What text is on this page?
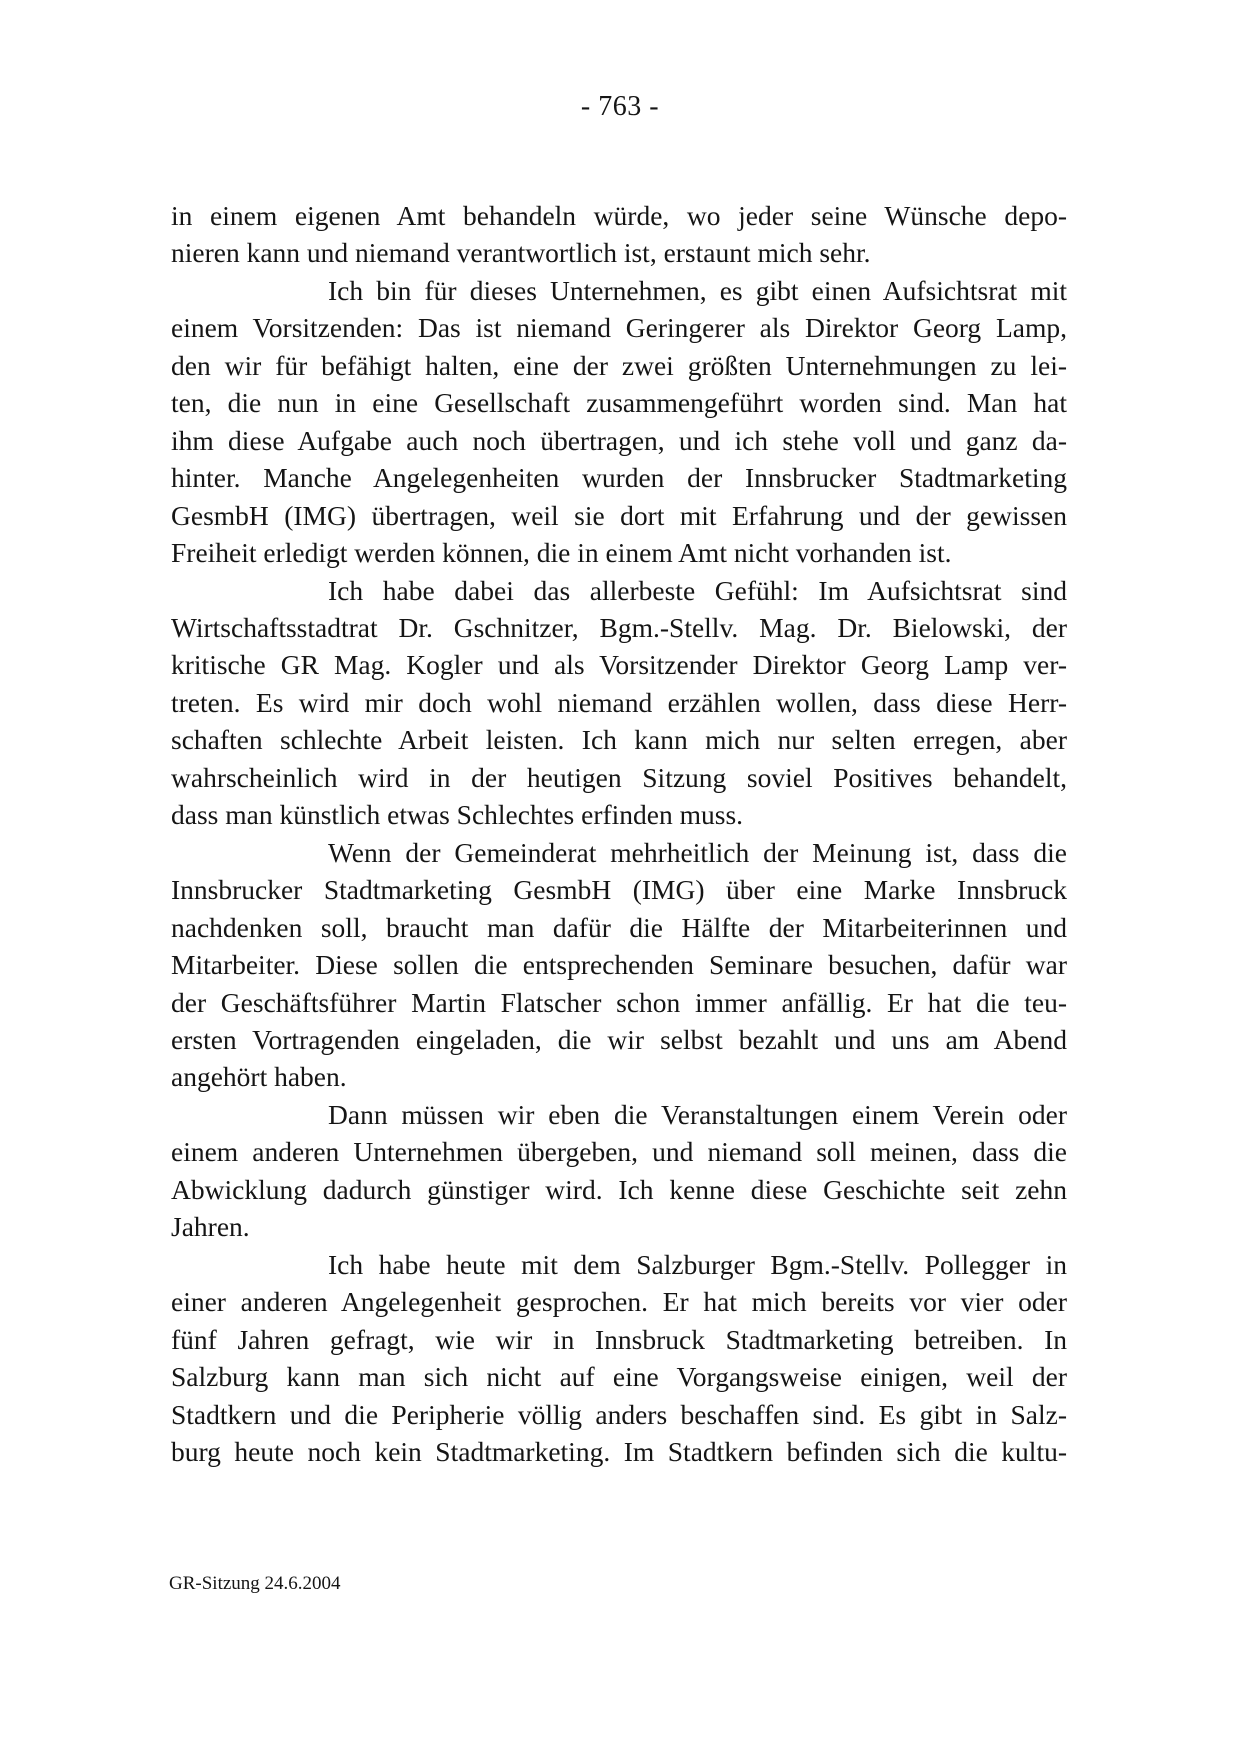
- 763 -
in einem eigenen Amt behandeln würde, wo jeder seine Wünsche depo-
nieren kann und niemand verantwortlich ist, erstaunt mich sehr.
Ich bin für dieses Unternehmen, es gibt einen Aufsichtsrat mit
einem Vorsitzenden: Das ist niemand Geringerer als Direktor Georg Lamp,
den wir für befähigt halten, eine der zwei größten Unternehmungen zu lei-
ten, die nun in eine Gesellschaft zusammengeführt worden sind. Man hat
ihm diese Aufgabe auch noch übertragen, und ich stehe voll und ganz da-
hinter. Manche Angelegenheiten wurden der Innsbrucker Stadtmarketing
GesmbH (IMG) übertragen, weil sie dort mit Erfahrung und der gewissen
Freiheit erledigt werden können, die in einem Amt nicht vorhanden ist.
Ich habe dabei das allerbeste Gefühl: Im Aufsichtsrat sind
Wirtschaftsstadtrat Dr. Gschnitzer, Bgm.-Stellv. Mag. Dr. Bielowski, der
kritische GR Mag. Kogler und als Vorsitzender Direktor Georg Lamp ver-
treten. Es wird mir doch wohl niemand erzählen wollen, dass diese Herr-
schaften schlechte Arbeit leisten. Ich kann mich nur selten erregen, aber
wahrscheinlich wird in der heutigen Sitzung soviel Positives behandelt,
dass man künstlich etwas Schlechtes erfinden muss.
Wenn der Gemeinderat mehrheitlich der Meinung ist, dass die
Innsbrucker Stadtmarketing GesmbH (IMG) über eine Marke Innsbruck
nachdenken soll, braucht man dafür die Hälfte der Mitarbeiterinnen und
Mitarbeiter. Diese sollen die entsprechenden Seminare besuchen, dafür war
der Geschäftsführer Martin Flatscher schon immer anfällig. Er hat die teu-
ersten Vortragenden eingeladen, die wir selbst bezahlt und uns am Abend
angehört haben.
Dann müssen wir eben die Veranstaltungen einem Verein oder
einem anderen Unternehmen übergeben, und niemand soll meinen, dass die
Abwicklung dadurch günstiger wird. Ich kenne diese Geschichte seit zehn
Jahren.
Ich habe heute mit dem Salzburger Bgm.-Stellv. Pollegger in
einer anderen Angelegenheit gesprochen. Er hat mich bereits vor vier oder
fünf Jahren gefragt, wie wir in Innsbruck Stadtmarketing betreiben. In
Salzburg kann man sich nicht auf eine Vorgangsweise einigen, weil der
Stadtkern und die Peripherie völlig anders beschaffen sind. Es gibt in Salz-
burg heute noch kein Stadtmarketing. Im Stadtkern befinden sich die kultu-
GR-Sitzung 24.6.2004
